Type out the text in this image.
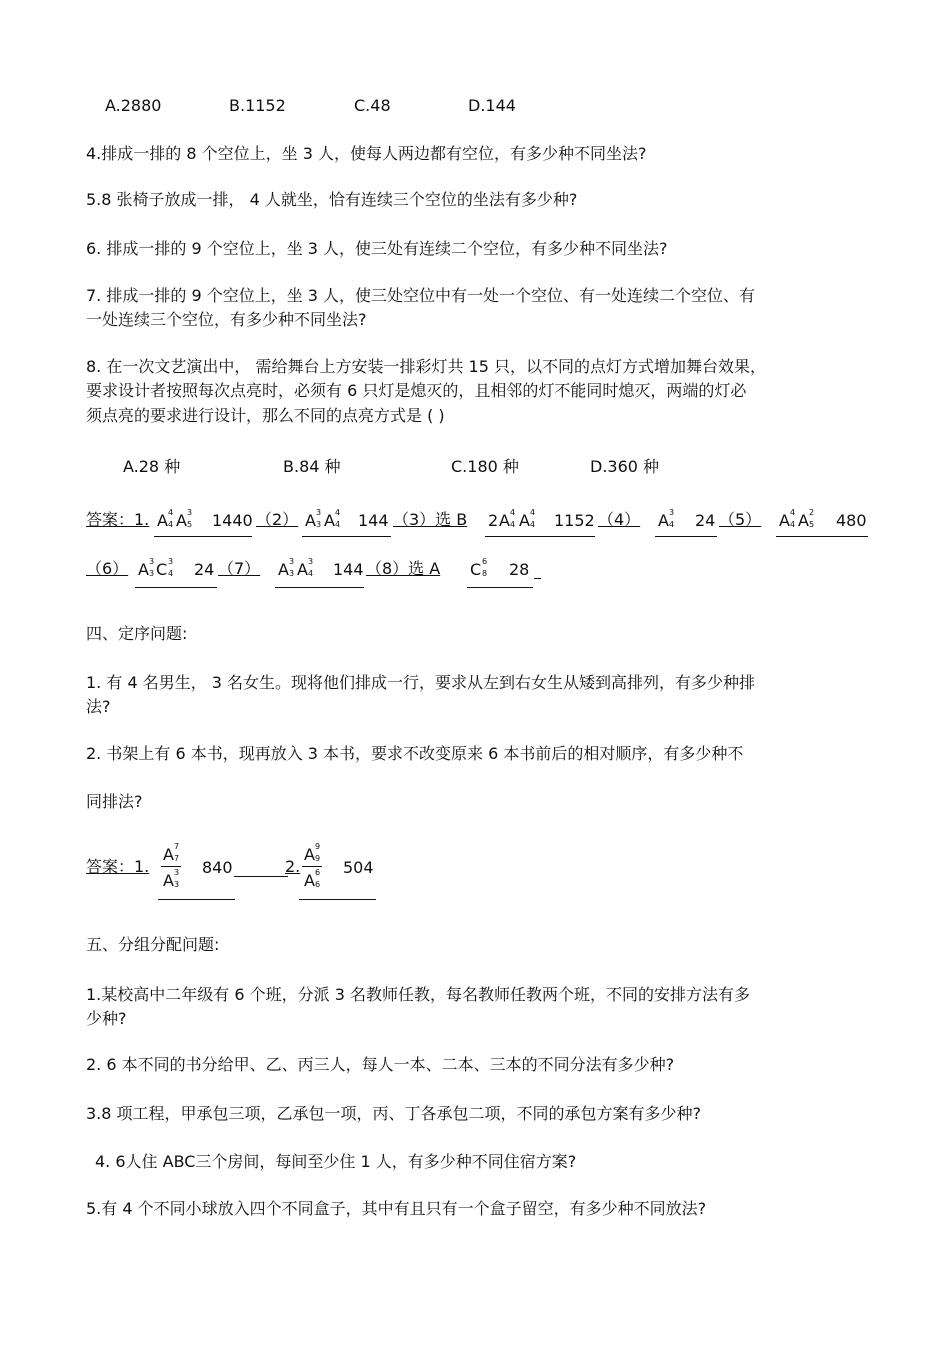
A.2880	B.1152	C.48	D.144
4.排成一排的 8 个空位上，坐 3 人，使每人两边都有空位，有多少种不同坐法?
5.8 张椅子放成一排， 4 人就坐，恰有连续三个空位的坐法有多少种?
6. 排成一排的 9 个空位上，坐 3 人，使三处有连续二个空位，有多少种不同坐法?
7. 排成一排的 9 个空位上，坐 3 人，使三处空位中有一处一个空位、有一处连续二个空位、有
一处连续三个空位，有多少种不同坐法?
8. 在一次文艺演出中， 需给舞台上方安装一排彩灯共 15 只，以不同的点灯方式增加舞台效果，
要求设计者按照每次点亮时，必须有 6 只灯是熄灭的，且相邻的灯不能同时熄灭，两端的灯必
须点亮的要求进行设计，那么不同的点亮方式是 ( )
A.28 种	B.84 种	C.180 种	D.360 种
答案：1. A 4
4 A 3
5 1440 （2） A 3
3 A 4
4 144 （3）选 B 2 A 4
4 A 4
4 1152 （4） A 3
4 24 （5） A 4
4 A 2
5 480
（6） A 3
3 C 3
4 24 （7） A 3
3 A 3
4 144 （8）选 A C 6
8 28
四、定序问题:
1. 有 4 名男生， 3 名女生。现将他们排成一行，要求从左到右女生从矮到高排列，有多少种排
法?
2. 书架上有 6 本书，现再放入 3 本书，要求不改变原来 6 本书前后的相对顺序，有多少种不
同排法?
答案：1.
A 7
7
A 3
3
840	2.
A 9
9
A 6
6
504
五、分组分配问题:
1.某校高中二年级有 6 个班，分派 3 名教师任教，每名教师任教两个班，不同的安排方法有多
少种?
2. 6 本不同的书分给甲、乙、丙三人，每人一本、二本、三本的不同分法有多少种?
3.8 项工程，甲承包三项，乙承包一项，丙、丁各承包二项，不同的承包方案有多少种?
4. 6人住 ABC三个房间，每间至少住 1 人，有多少种不同住宿方案?
5.有 4 个不同小球放入四个不同盒子，其中有且只有一个盒子留空，有多少种不同放法?
